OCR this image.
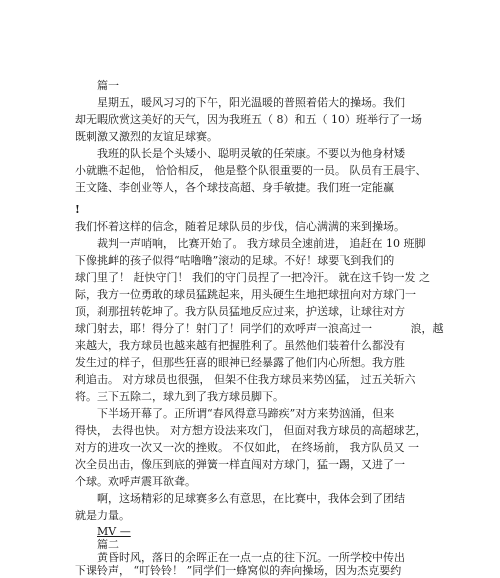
篇一

星期五，暖风习习的下午，阳光温暖的普照着偌大的操场。我们

却无暇欣赏这美好的天气，因为我班五（ 8）和五（ 10）班举行了一场

既刺激又激烈的友谊足球赛。

我班的队长是个头矮小、聪明灵敏的任荣康。不要以为他身材矮

小就瞧不起他， 恰恰相反， 他是整个队很重要的一员。 队员有王晨宇、

王文隆、李创业等人，各个球技高超、身手敏捷。我们班一定能赢

!

我们怀着这样的信念，随着足球队员的步伐，信心满满的来到操场。

裁判一声哨响， 比赛开始了。 我方球员全速前进， 追赶在 10 班脚

下像挑衅的孩子似得“咕噜噜”滚动的足球。不好！球要飞到我们的

球门里了！ 赶快守门！ 我们的守门员捏了一把冷汗。 就在这千钧一发 之

际，我方一位勇敢的球员猛跳起来，用头硬生生地把球扭向对方球门一

顶，刹那扭转乾坤了。我方队员猛地反应过来，护送球，让球往对方

球门射去，耶！得分了！射门了！同学们的欢呼声一浪高过一           浪，越

来越大，我方球员也越来越有把握胜利了。虽然他们装着什么都没有

发生过的样子，但那些狂喜的眼神已经暴露了他们内心所想。我方胜

利追击。 对方球员也很强， 但架不住我方球员来势凶猛， 过五关斩六

将。三下五除二，球九到了我方球员脚下。

下半场开幕了。正所谓“春风得意马蹄疾”对方来势汹涌，但来

得快， 去得也快。 对方想方设法来攻门， 但面对我方球员的高超球艺，

对方的进攻一次又一次的挫败。 不仅如此， 在终场前， 我方队员又 一

次全员出击，像压到底的弹簧一样直闯对方球门，猛一踢，又进了一

个球。欢呼声震耳欲聋。

啊，这场精彩的足球赛多么有意思，在比赛中，我体会到了团结

就是力量。

MV —

篇二

黄昏时风，落日的余晖正在一点一点的往下沉。一所学校中传出

下课铃声， “叮铃铃！ ”同学们一蜂窝似的奔向操场，因为杰克要约
